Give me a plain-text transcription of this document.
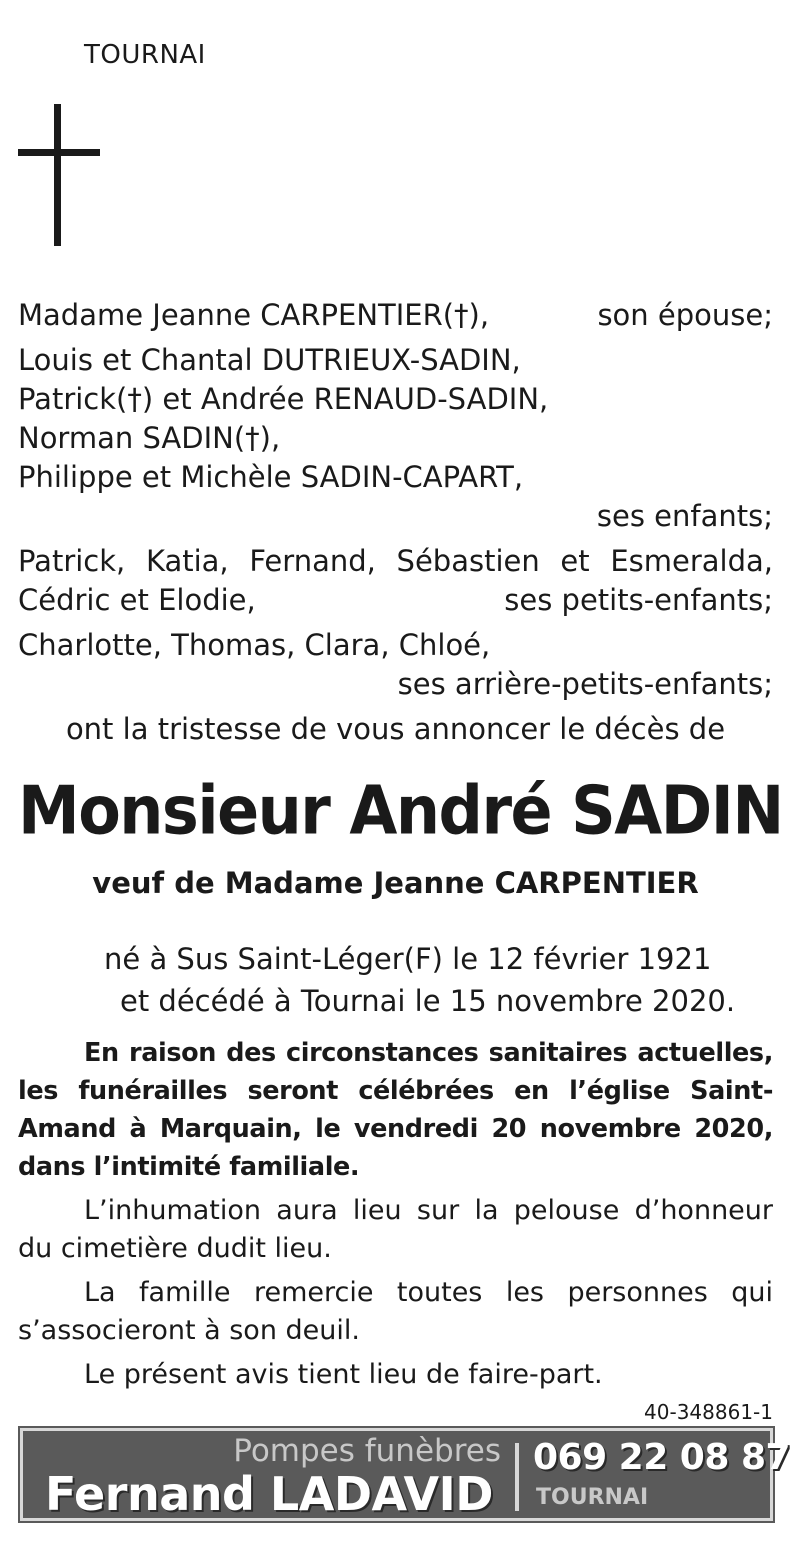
TOURNAI
Madame Jeanne CARPENTIER(†),	son épouse;
Louis et Chantal DUTRIEUX-SADIN,
Patrick(†) et Andrée RENAUD-SADIN,
Norman SADIN(†),
Philippe et Michèle SADIN-CAPART,
ses enfants;
Patrick, Katia, Fernand, Sébastien et Esmeralda,
Cédric et Elodie,	ses petits-enfants;
Charlotte, Thomas, Clara, Chloé,
ses arrière-petits-enfants;
ont la tristesse de vous annoncer le décès de
Monsieur André SADIN
veuf de Madame Jeanne CARPENTIER
né à Sus Saint-Léger(F) le 12 février 1921
et décédé à Tournai le 15 novembre 2020.

En raison des circonstances sanitaires actuelles, les funérailles seront célébrées en l’église Saint-Amand à Marquain, le vendredi 20 novembre 2020, dans l’intimité familiale.

L’inhumation aura lieu sur la pelouse d’honneur du cimetière dudit lieu.

La famille remercie toutes les personnes qui s’associeront à son deuil.

Le présent avis tient lieu de faire-part.

40-348861-1
Pompes funèbres
Fernand LADAVID
069 22 08 87
TOURNAI
